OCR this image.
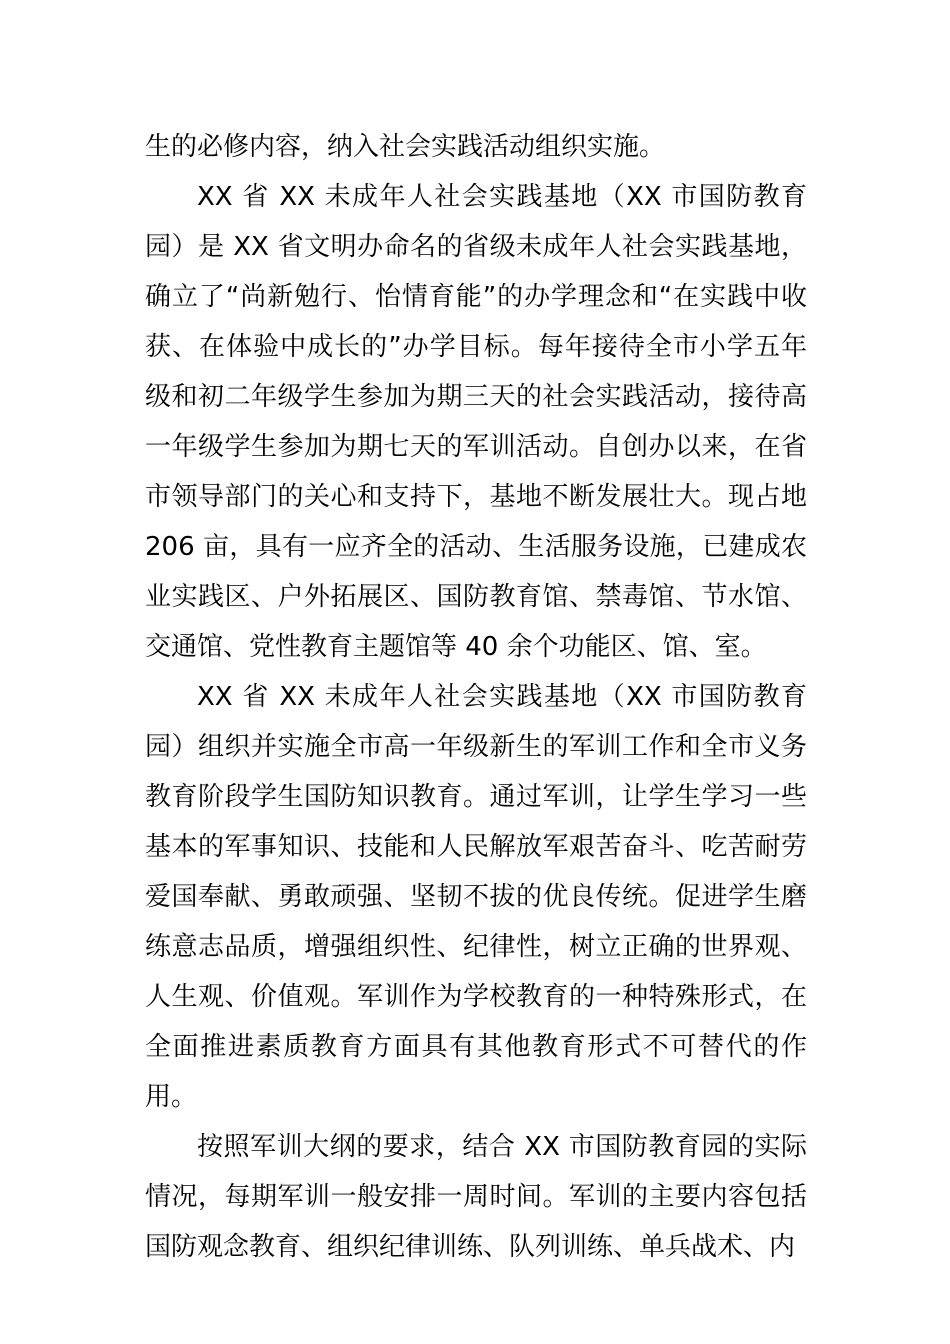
生的必修内容，纳入社会实践活动组织实施。

XX 省 XX 未成年人社会实践基地（XX 市国防教育园）是 XX 省文明办命名的省级未成年人社会实践基地，确立了“尚新勉行、怡情育能”的办学理念和“在实践中收获、在体验中成长的”办学目标。每年接待全市小学五年级和初二年级学生参加为期三天的社会实践活动，接待高一年级学生参加为期七天的军训活动。自创办以来，在省市领导部门的关心和支持下，基地不断发展壮大。现占地 206 亩，具有一应齐全的活动、生活服务设施，已建成农业实践区、户外拓展区、国防教育馆、禁毒馆、节水馆、交通馆、党性教育主题馆等 40 余个功能区、馆、室。

XX 省 XX 未成年人社会实践基地（XX 市国防教育园）组织并实施全市高一年级新生的军训工作和全市义务教育阶段学生国防知识教育。通过军训，让学生学习一些基本的军事知识、技能和人民解放军艰苦奋斗、吃苦耐劳爱国奉献、勇敢顽强、坚韧不拔的优良传统。促进学生磨练意志品质，增强组织性、纪律性，树立正确的世界观、人生观、价值观。军训作为学校教育的一种特殊形式，在全面推进素质教育方面具有其他教育形式不可替代的作用。

按照军训大纲的要求，结合 XX 市国防教育园的实际情况，每期军训一般安排一周时间。军训的主要内容包括国防观念教育、组织纪律训练、队列训练、单兵战术、内
